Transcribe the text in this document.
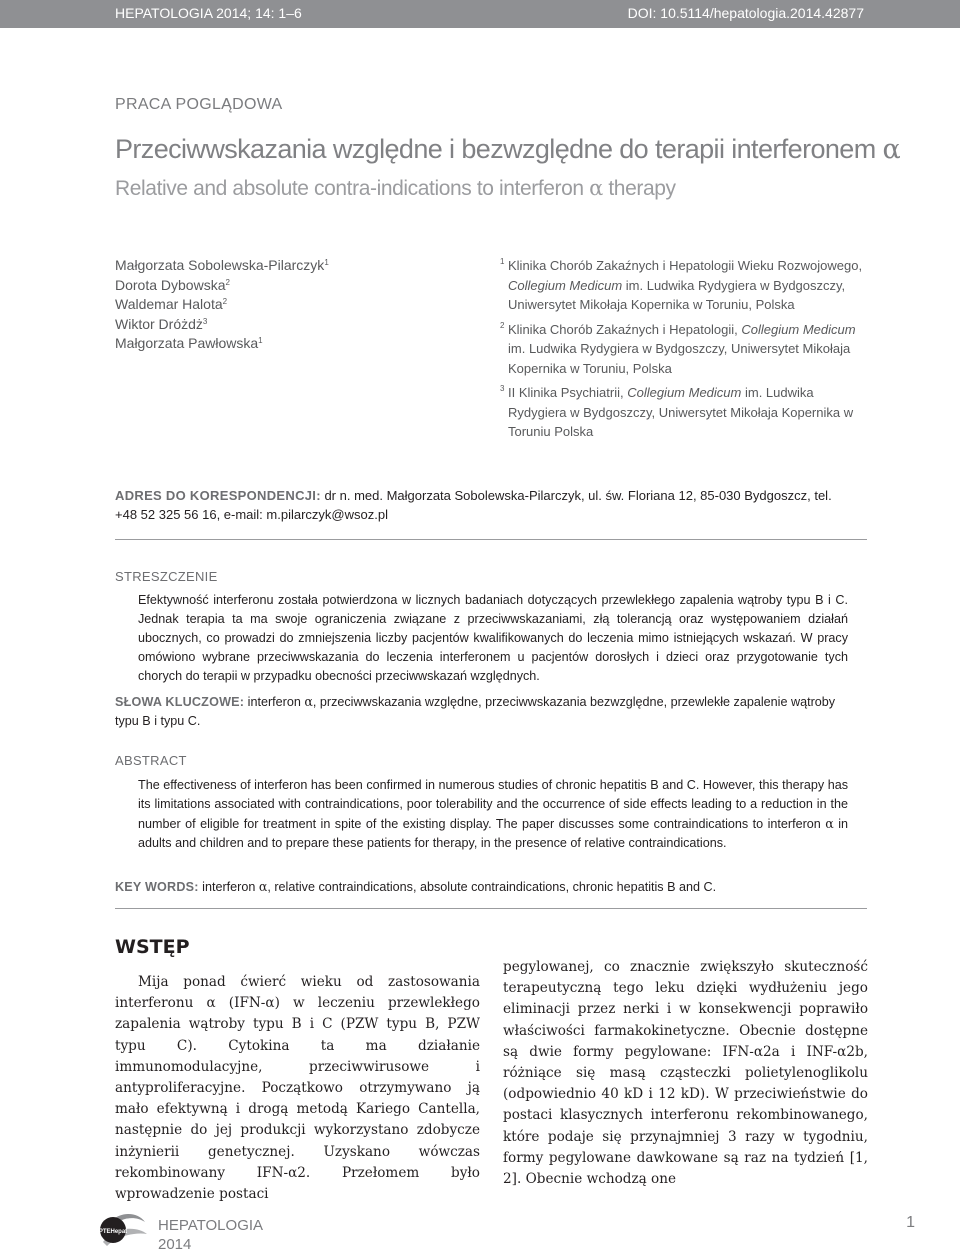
HEPATOLOGIA 2014; 14: 1–6	DOI: 10.5114/hepatologia.2014.42877
PRACA POGLĄDOWA
Przeciwwskazania względne i bezwzględne do terapii interferonem α
Relative and absolute contra-indications to interferon α therapy
Małgorzata Sobolewska-Pilarczyk$^1$
Dorota Dybowska$^2$
Waldemar Halota$^2$
Wiktor Dróżdż$^3$
Małgorzata Pawłowska$^1$
1 Klinika Chorób Zakaźnych i Hepatologii Wieku Rozwojowego, Collegium Medicum im. Ludwika Rydygiera w Bydgoszczy, Uniwersytet Mikołaja Kopernika w Toruniu, Polska
2 Klinika Chorób Zakaźnych i Hepatologii, Collegium Medicum im. Ludwika Rydygiera w Bydgoszczy, Uniwersytet Mikołaja Kopernika w Toruniu, Polska
3 II Klinika Psychiatrii, Collegium Medicum im. Ludwika Rydygiera w Bydgoszczy, Uniwersytet Mikołaja Kopernika w Toruniu Polska
ADRES DO KORESPONDENCJI: dr n. med. Małgorzata Sobolewska-Pilarczyk, ul. św. Floriana 12, 85-030 Bydgoszcz, tel. +48 52 325 56 16, e-mail: m.pilarczyk@wsoz.pl
STRESZCZENIE
Efektywność interferonu została potwierdzona w licznych badaniach dotyczących przewlekłego zapalenia wątroby typu B i C. Jednak terapia ta ma swoje ograniczenia związane z przeciwwskazaniami, złą tolerancją oraz występowaniem działań ubocznych, co prowadzi do zmniejszenia liczby pacjentów kwalifikowanych do leczenia mimo istniejących wskazań. W pracy omówiono wybrane przeciwwskazania do leczenia interferonem u pacjentów dorosłych i dzieci oraz przygotowanie tych chorych do terapii w przypadku obecności przeciwwskazań względnych.
SŁOWA KLUCZOWE: interferon α, przeciwwskazania względne, przeciwwskazania bezwzględne, przewlekłe zapalenie wątroby typu B i typu C.
ABSTRACT
The effectiveness of interferon has been confirmed in numerous studies of chronic hepatitis B and C. However, this therapy has its limitations associated with contraindications, poor tolerability and the occurrence of side effects leading to a reduction in the number of eligible for treatment in spite of the existing display. The paper discusses some contraindications to interferon α in adults and children and to prepare these patients for therapy, in the presence of relative contraindications.
KEY WORDS: interferon α, relative contraindications, absolute contraindications, chronic hepatitis B and C.
WSTĘP
Mija ponad ćwierć wieku od zastosowania interferonu α (IFN-α) w leczeniu przewlekłego zapalenia wątroby typu B i C (PZW typu B, PZW typu C). Cytokina ta ma działanie immunomodulacyjne, przeciwwirusowe i antyproliferacyjne. Początkowo otrzymywano ją mało efektywną i drogą metodą Kariego Cantella, następnie do jej produkcji wykorzystano zdobycze inżynierii genetycznej. Uzyskano wówczas rekombinowany IFN-α2. Przełomem było wprowadzenie postaci
pegylowanej, co znacznie zwiększyło skuteczność terapeutyczną tego leku dzięki wydłużeniu jego eliminacji przez nerki i w konsekwencji poprawiło właściwości farmakokinetyczne. Obecnie dostępne są dwie formy pegylowane: IFN-α2a i INF-α2b, różniące się masą cząsteczki polietylenoglikolu (odpowiednio 40 kD i 12 kD). W przeciwieństwie do postaci klasycznych interferonu rekombinowanego, które podaje się przynajmniej 3 razy w tygodniu, formy pegylowane dawkowane są raz na tydzień [1, 2]. Obecnie wchodzą one
PTEHepat HEPATOLOGIA
2014
1
